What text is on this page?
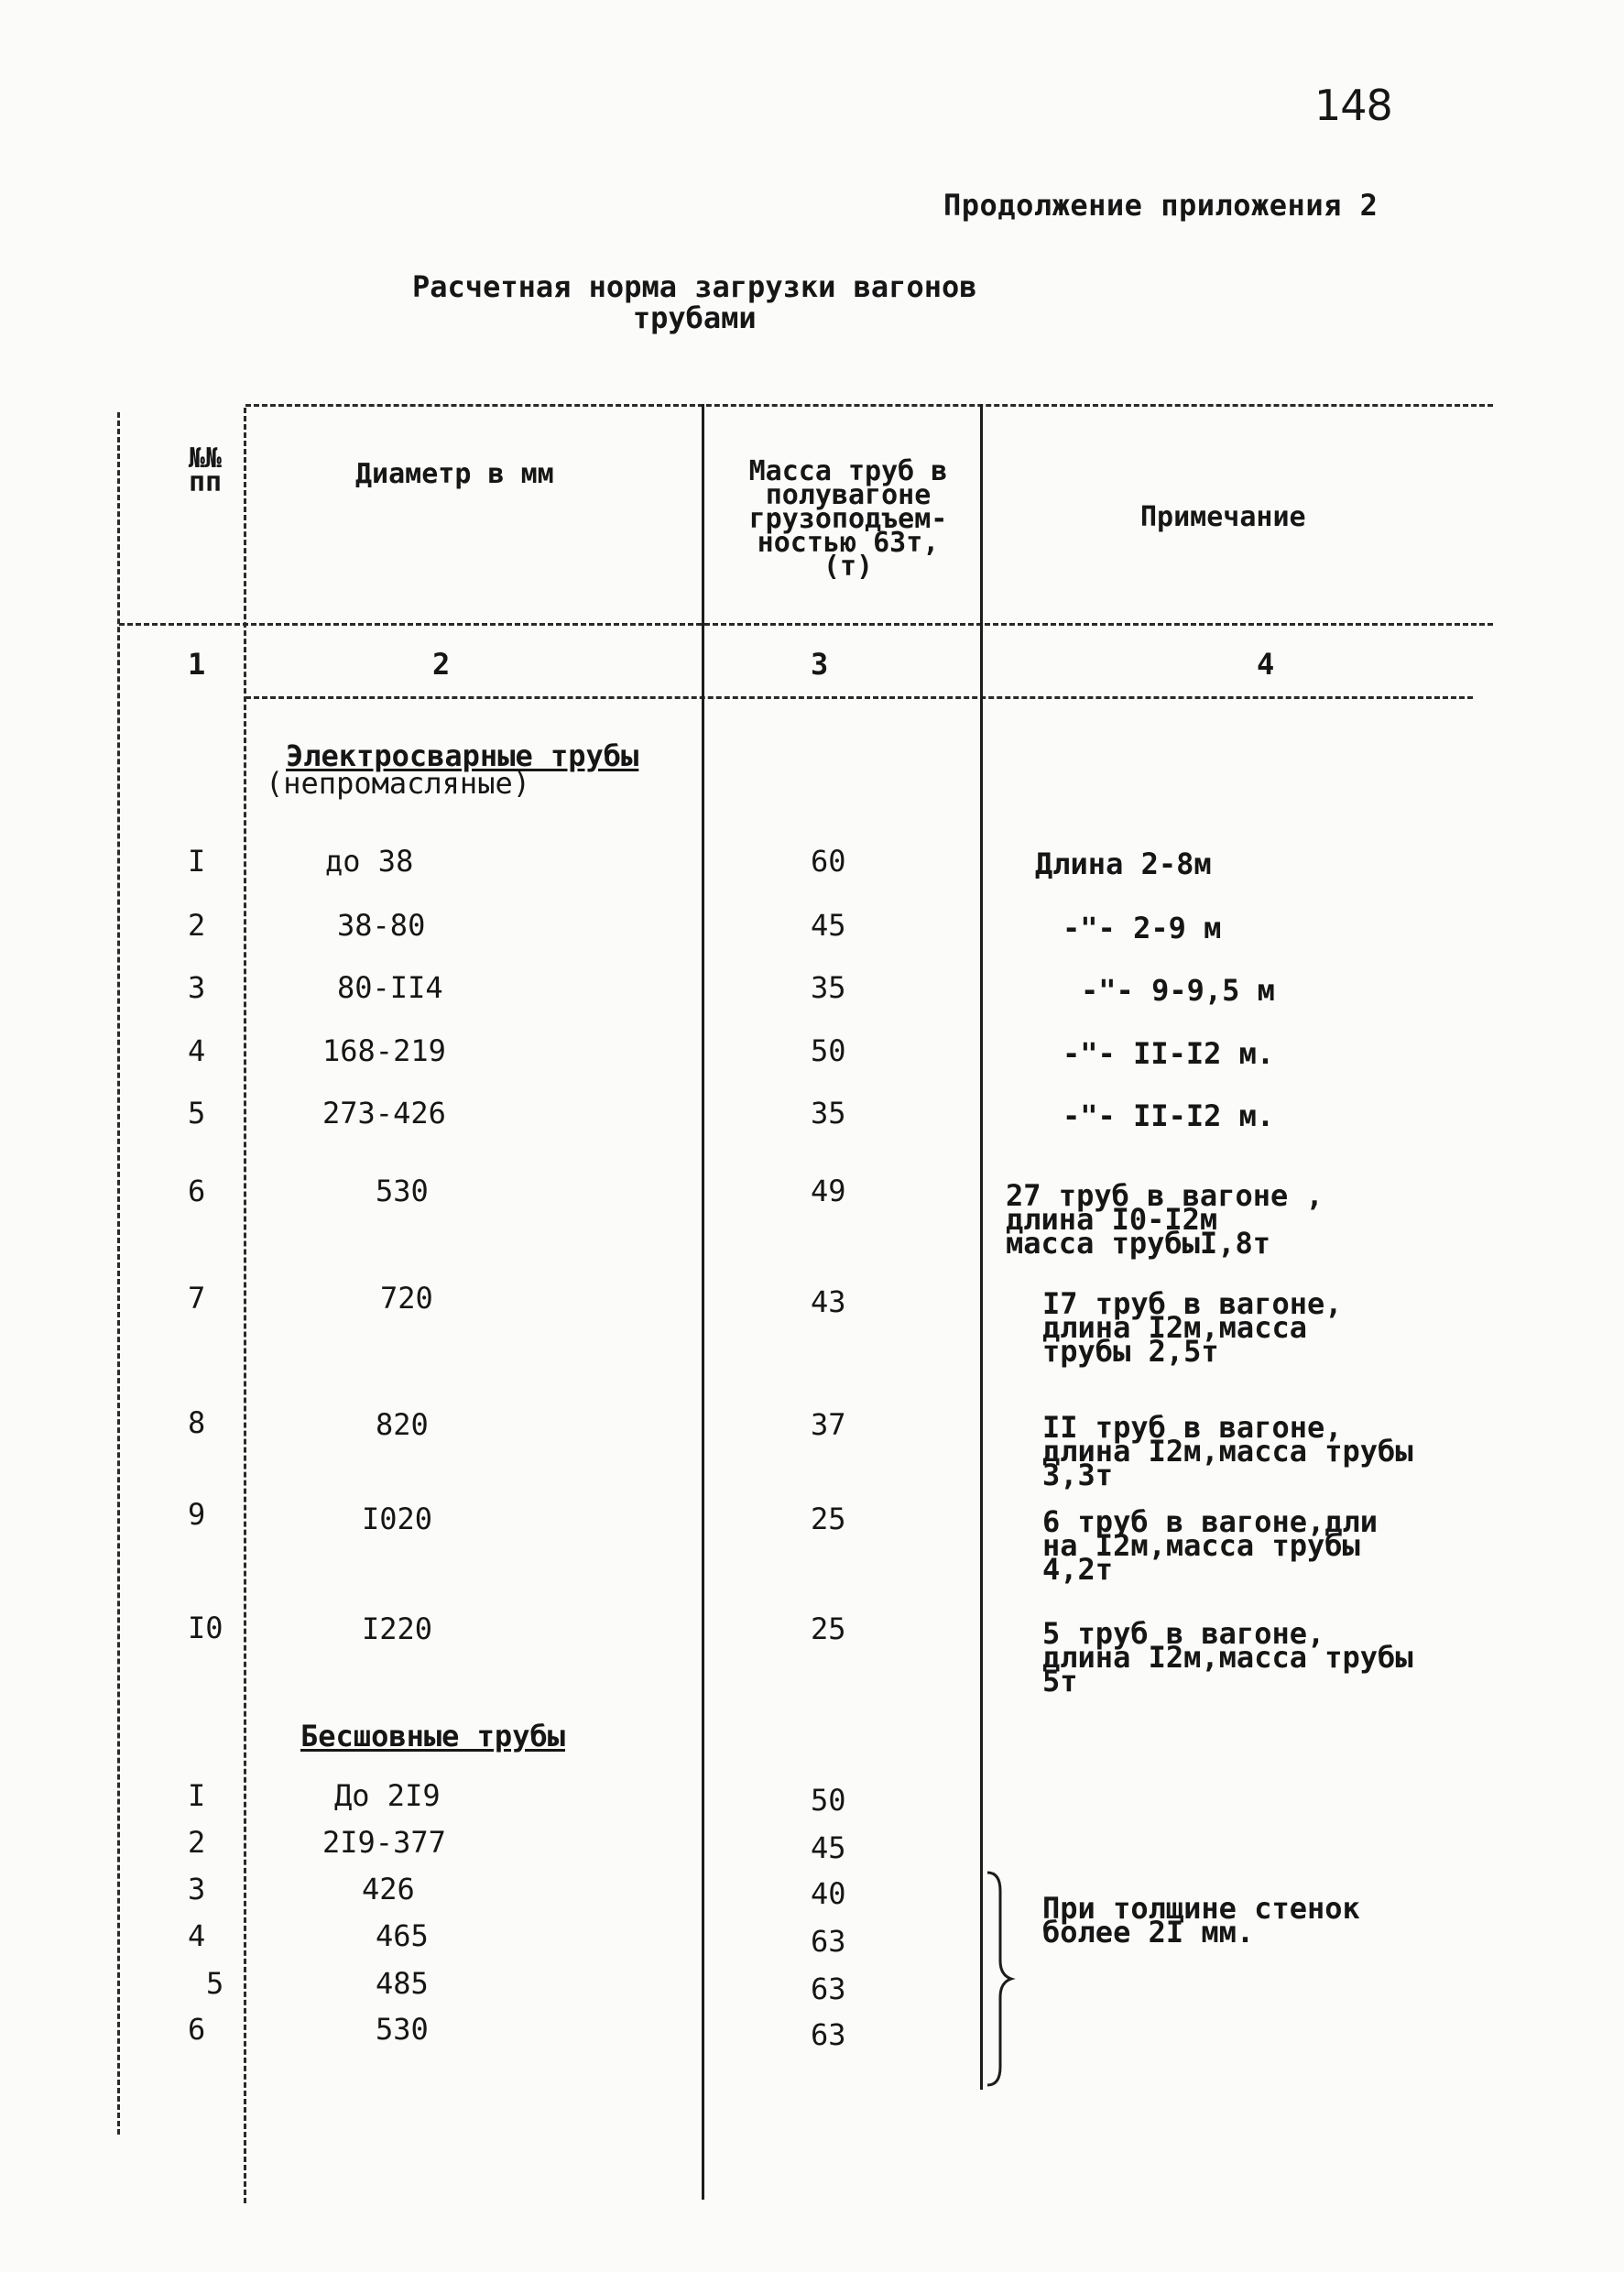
148
Продолжение приложения 2
Расчетная норма загрузки вагонов
трубами
№№
пп	Диаметр в мм	Масса труб в
полувагоне
грузоподъем-
ностью 63т,
(т)
Примечание
1	2	3	4
Электросварные трубы
(непромасляные)
I	до 38	60	Длина 2-8м
2	38-80	45	-"- 2-9 м
3	80-II4	35	-"- 9-9,5 м
4	168-219	50	-"- II-I2 м.
5	273-426	35	-"- II-I2 м.
6	530	49	27 труб в вагоне ,
длина I0-I2м
масса трубыI,8т
7	720	43	I7 труб в вагоне,
длина I2м,масса
трубы 2,5т
8	820	37	II труб в вагоне,
длина I2м,масса трубы
3,3т
9	I020	25	6 труб в вагоне,дли
на I2м,масса трубы
4,2т
I0	I220	25	5 труб в вагоне,
длина I2м,масса трубы
5т
Бесшовные трубы
I	До 2I9	50
2	2I9-377	45
3	426	40
4	465	63
5	485	63
6	530	63
При толщине стенок
более 2I мм.
